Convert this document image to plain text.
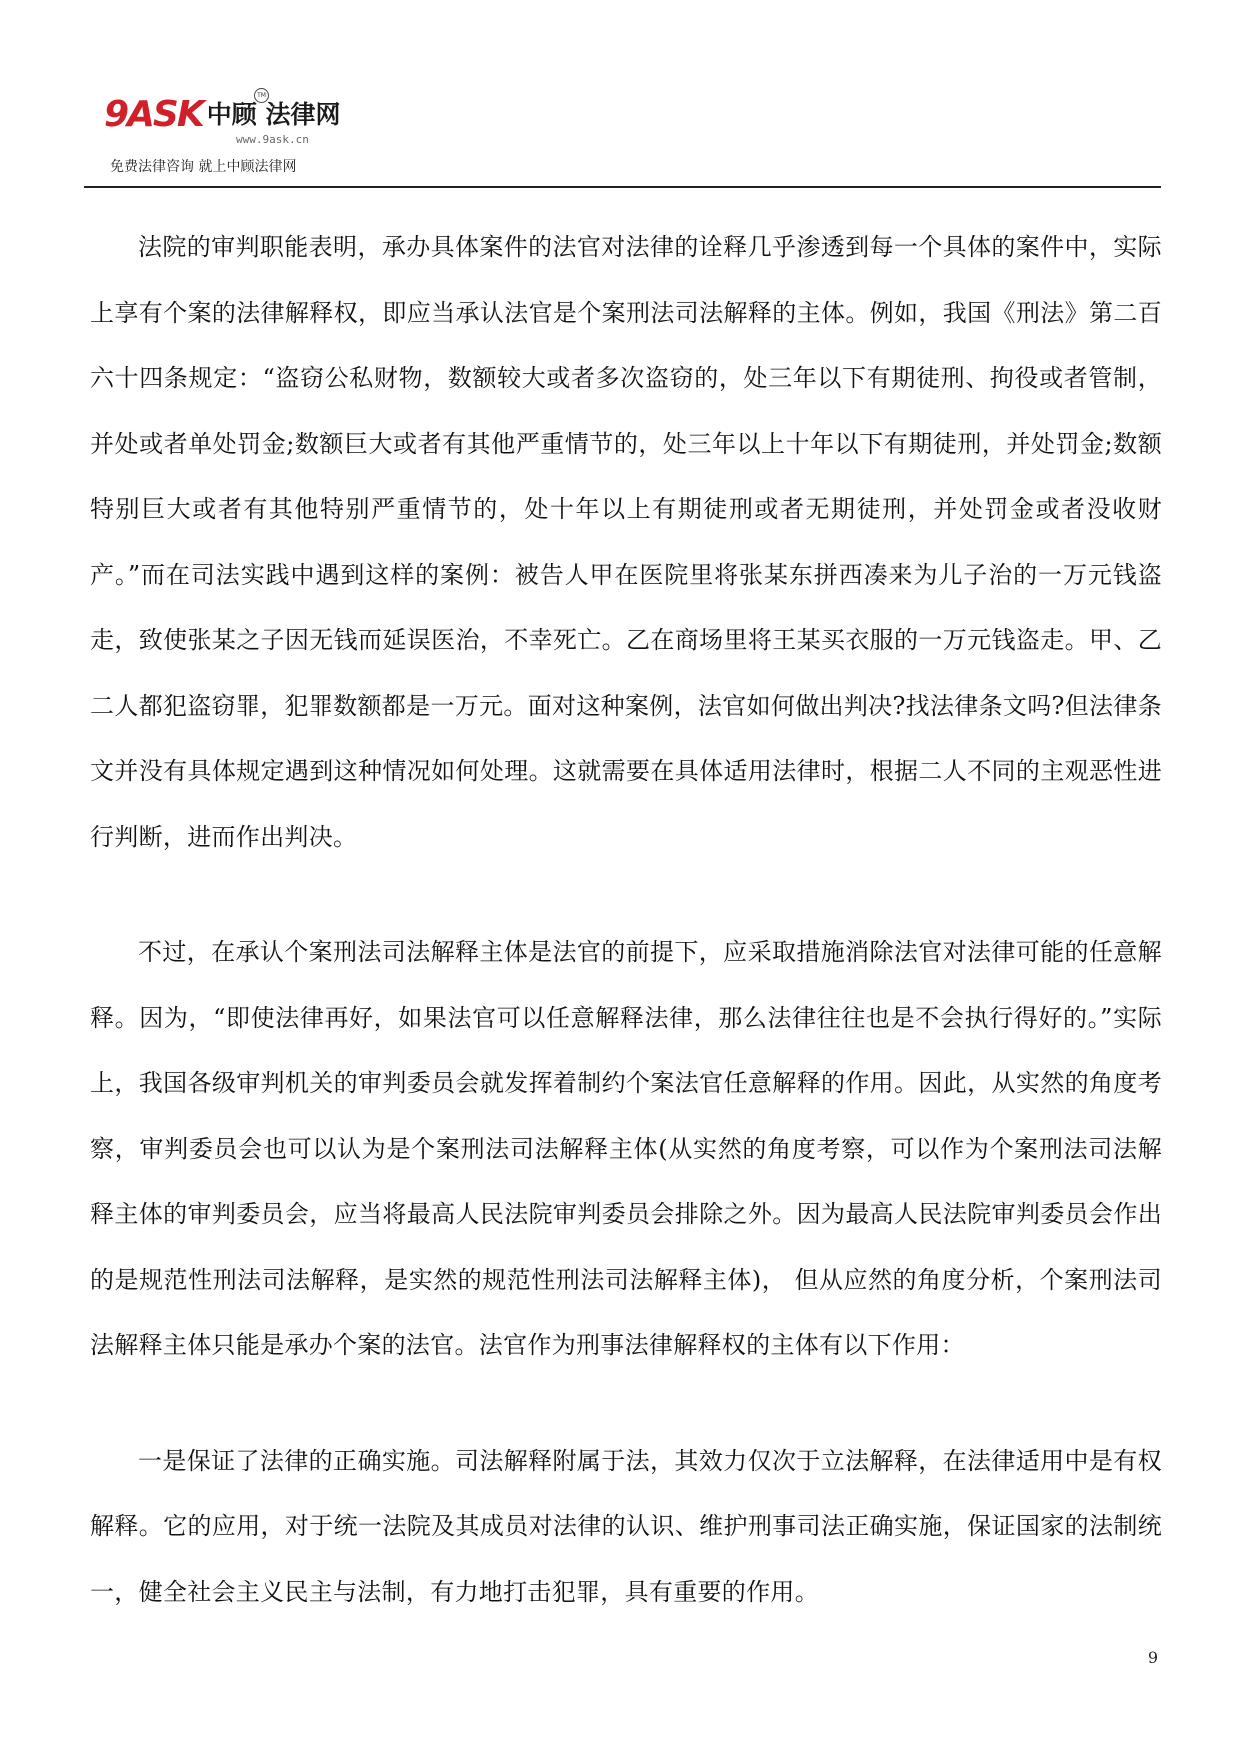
9ASK 中顾 法律网
TM
www.9ask.cn
免费法律咨询 就上中顾法律网

法院的审判职能表明，承办具体案件的法官对法律的诠释几乎渗透到每一个具体的案件中，实际上享有个案的法律解释权，即应当承认法官是个案刑法司法解释的主体。例如，我国《刑法》第二百六十四条规定：“盗窃公私财物，数额较大或者多次盗窃的，处三年以下有期徒刑、拘役或者管制，并处或者单处罚金;数额巨大或者有其他严重情节的，处三年以上十年以下有期徒刑，并处罚金;数额特别巨大或者有其他特别严重情节的，处十年以上有期徒刑或者无期徒刑，并处罚金或者没收财产。”而在司法实践中遇到这样的案例：被告人甲在医院里将张某东拼西凑来为儿子治的一万元钱盗走，致使张某之子因无钱而延误医治，不幸死亡。乙在商场里将王某买衣服的一万元钱盗走。甲、乙二人都犯盗窃罪，犯罪数额都是一万元。面对这种案例，法官如何做出判决?找法律条文吗?但法律条文并没有具体规定遇到这种情况如何处理。这就需要在具体适用法律时，根据二人不同的主观恶性进行判断，进而作出判决。

不过，在承认个案刑法司法解释主体是法官的前提下，应采取措施消除法官对法律可能的任意解释。因为，“即使法律再好，如果法官可以任意解释法律，那么法律往往也是不会执行得好的。”实际上，我国各级审判机关的审判委员会就发挥着制约个案法官任意解释的作用。因此，从实然的角度考察，审判委员会也可以认为是个案刑法司法解释主体(从实然的角度考察，可以作为个案刑法司法解释主体的审判委员会，应当将最高人民法院审判委员会排除之外。因为最高人民法院审判委员会作出的是规范性刑法司法解释，是实然的规范性刑法司法解释主体)， 但从应然的角度分析，个案刑法司法解释主体只能是承办个案的法官。法官作为刑事法律解释权的主体有以下作用：

一是保证了法律的正确实施。司法解释附属于法，其效力仅次于立法解释，在法律适用中是有权解释。它的应用，对于统一法院及其成员对法律的认识、维护刑事司法正确实施，保证国家的法制统一，健全社会主义民主与法制，有力地打击犯罪，具有重要的作用。

9
